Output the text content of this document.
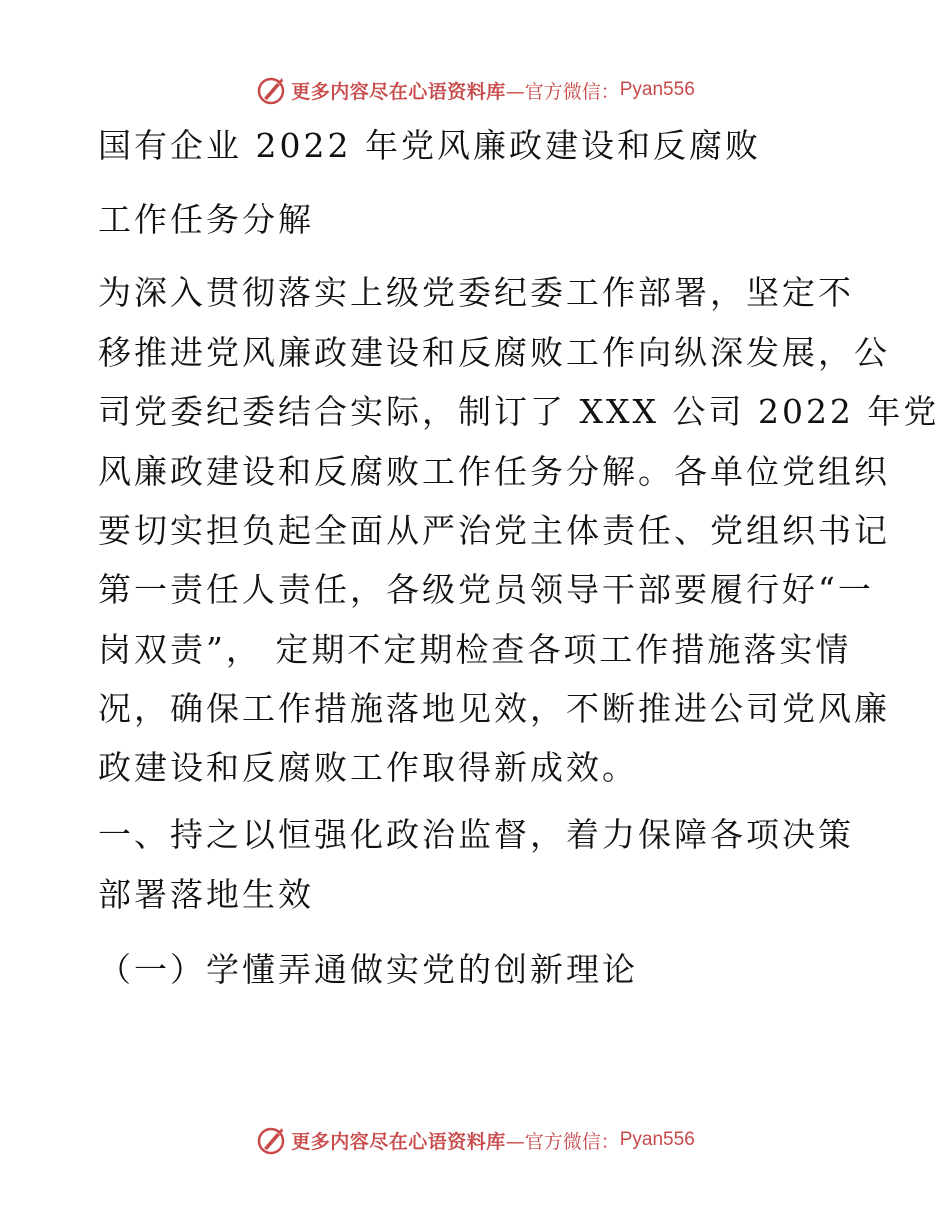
更多内容尽在心语资料库 —官方微信： Pyan556
国有企业 2022 年党风廉政建设和反腐败
工作任务分解
为深入贯彻落实上级党委纪委工作部署，坚定不
移推进党风廉政建设和反腐败工作向纵深发展，公
司党委纪委结合实际，制订了 XXX 公司 2022 年党
风廉政建设和反腐败工作任务分解。各单位党组织
要切实担负起全面从严治党主体责任、党组织书记
第一责任人责任，各级党员领导干部要履行好“一
岗双责”， 定期不定期检查各项工作措施落实情
况，确保工作措施落地见效，不断推进公司党风廉
政建设和反腐败工作取得新成效。
一、持之以恒强化政治监督，着力保障各项决策
部署落地生效
（一）学懂弄通做实党的创新理论
更多内容尽在心语资料库 —官方微信： Pyan556
